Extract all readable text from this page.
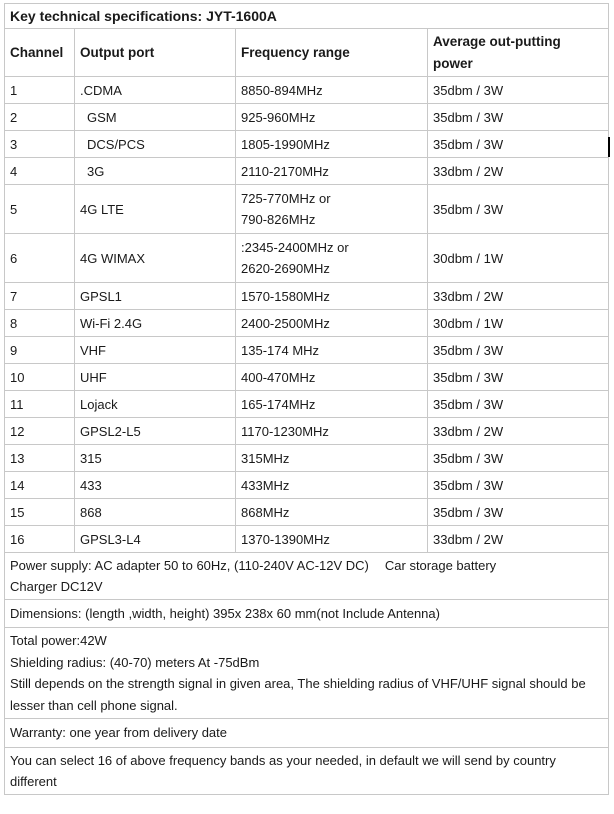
Key technical specifications: JYT-1600A			
Channel	Output port	Frequency range	Average out-putting power
1	.CDMA	8850-894MHz	35dbm / 3W
2	GSM	925-960MHz	35dbm / 3W
3	DCS/PCS	1805-1990MHz	35dbm / 3W
4	3G	2110-2170MHz	33dbm / 2W
5	4G LTE	725-770MHz or
790-826MHz	35dbm / 3W
6	4G WIMAX	:2345-2400MHz or
2620-2690MHz	30dbm / 1W
7	GPSL1	1570-1580MHz	33dbm / 2W
8	Wi-Fi 2.4G	2400-2500MHz	30dbm / 1W
9	VHF	135-174 MHz	35dbm / 3W
10	UHF	400-470MHz	35dbm / 3W
11	Lojack	165-174MHz	35dbm / 3W
12	GPSL2-L5	1170-1230MHz	33dbm / 2W
13	315	315MHz	35dbm / 3W
14	433	433MHz	35dbm / 3W
15	868	868MHz	35dbm / 3W
16	GPSL3-L4	1370-1390MHz	33dbm / 2W
Power supply: AC adapter 50 to 60Hz, (110-240V AC-12V DC) Car storage battery
Charger DC12V			
Dimensions: (length ,width, height) 395x 238x 60 mm(not Include Antenna)			

Total power:42W
Shielding radius: (40-70) meters At -75dBm
Still depends on the strength signal in given area, The shielding radius of VHF/UHF signal should be lesser than cell phone signal.			

Warranty: one year from delivery date			
You can select 16 of above frequency bands as your needed, in default we will send by country different			
